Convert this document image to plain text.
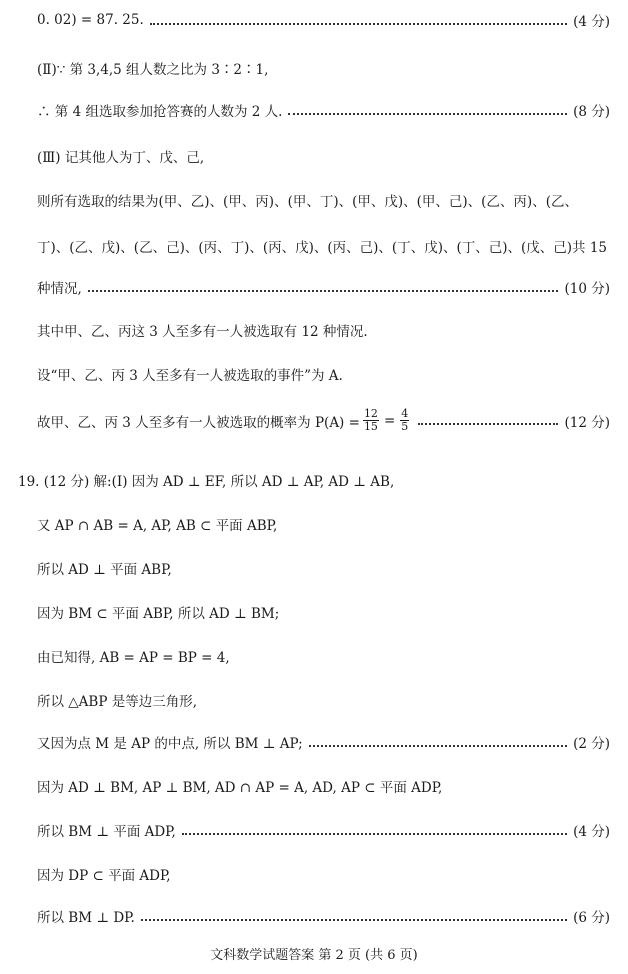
0. 02) = 87. 25.	(4 分)
(Ⅱ)∵ 第 3,4,5 组人数之比为 3∶2∶1,
∴ 第 4 组选取参加抢答赛的人数为 2 人.	(8 分)
(Ⅲ) 记其他人为丁、戊、己,
则所有选取的结果为(甲、乙)、(甲、丙)、(甲、丁)、(甲、戊)、(甲、己)、(乙、丙)、(乙、
丁)、(乙、戊)、(乙、己)、(丙、丁)、(丙、戊)、(丙、己)、(丁、戊)、(丁、己)、(戊、己)共 15
种情况,	(10 分)
其中甲、乙、丙这 3 人至多有一人被选取有 12 种情况.
设“甲、乙、丙 3 人至多有一人被选取的事件”为 A.
故甲、乙、丙 3 人至多有一人被选取的概率为 $P(A) = \frac{12}{15} = \frac{4}{5}$	(12 分)
19. (12 分) 解:(Ⅰ) 因为 AD ⊥ EF, 所以 AD ⊥ AP, AD ⊥ AB,
又 AP ∩ AB = A, AP, AB ⊂ 平面 ABP,
所以 AD ⊥ 平面 ABP,
因为 BM ⊂ 平面 ABP, 所以 AD ⊥ BM;
由已知得, AB = AP = BP = 4,
所以 △ABP 是等边三角形,
又因为点 M 是 AP 的中点, 所以 BM ⊥ AP;	(2 分)
因为 AD ⊥ BM, AP ⊥ BM, AD ∩ AP = A, AD, AP ⊂ 平面 ADP,
所以 BM ⊥ 平面 ADP,	(4 分)
因为 DP ⊂ 平面 ADP,
所以 BM ⊥ DP.	(6 分)
文科数学试题答案 第 2 页 (共 6 页)
